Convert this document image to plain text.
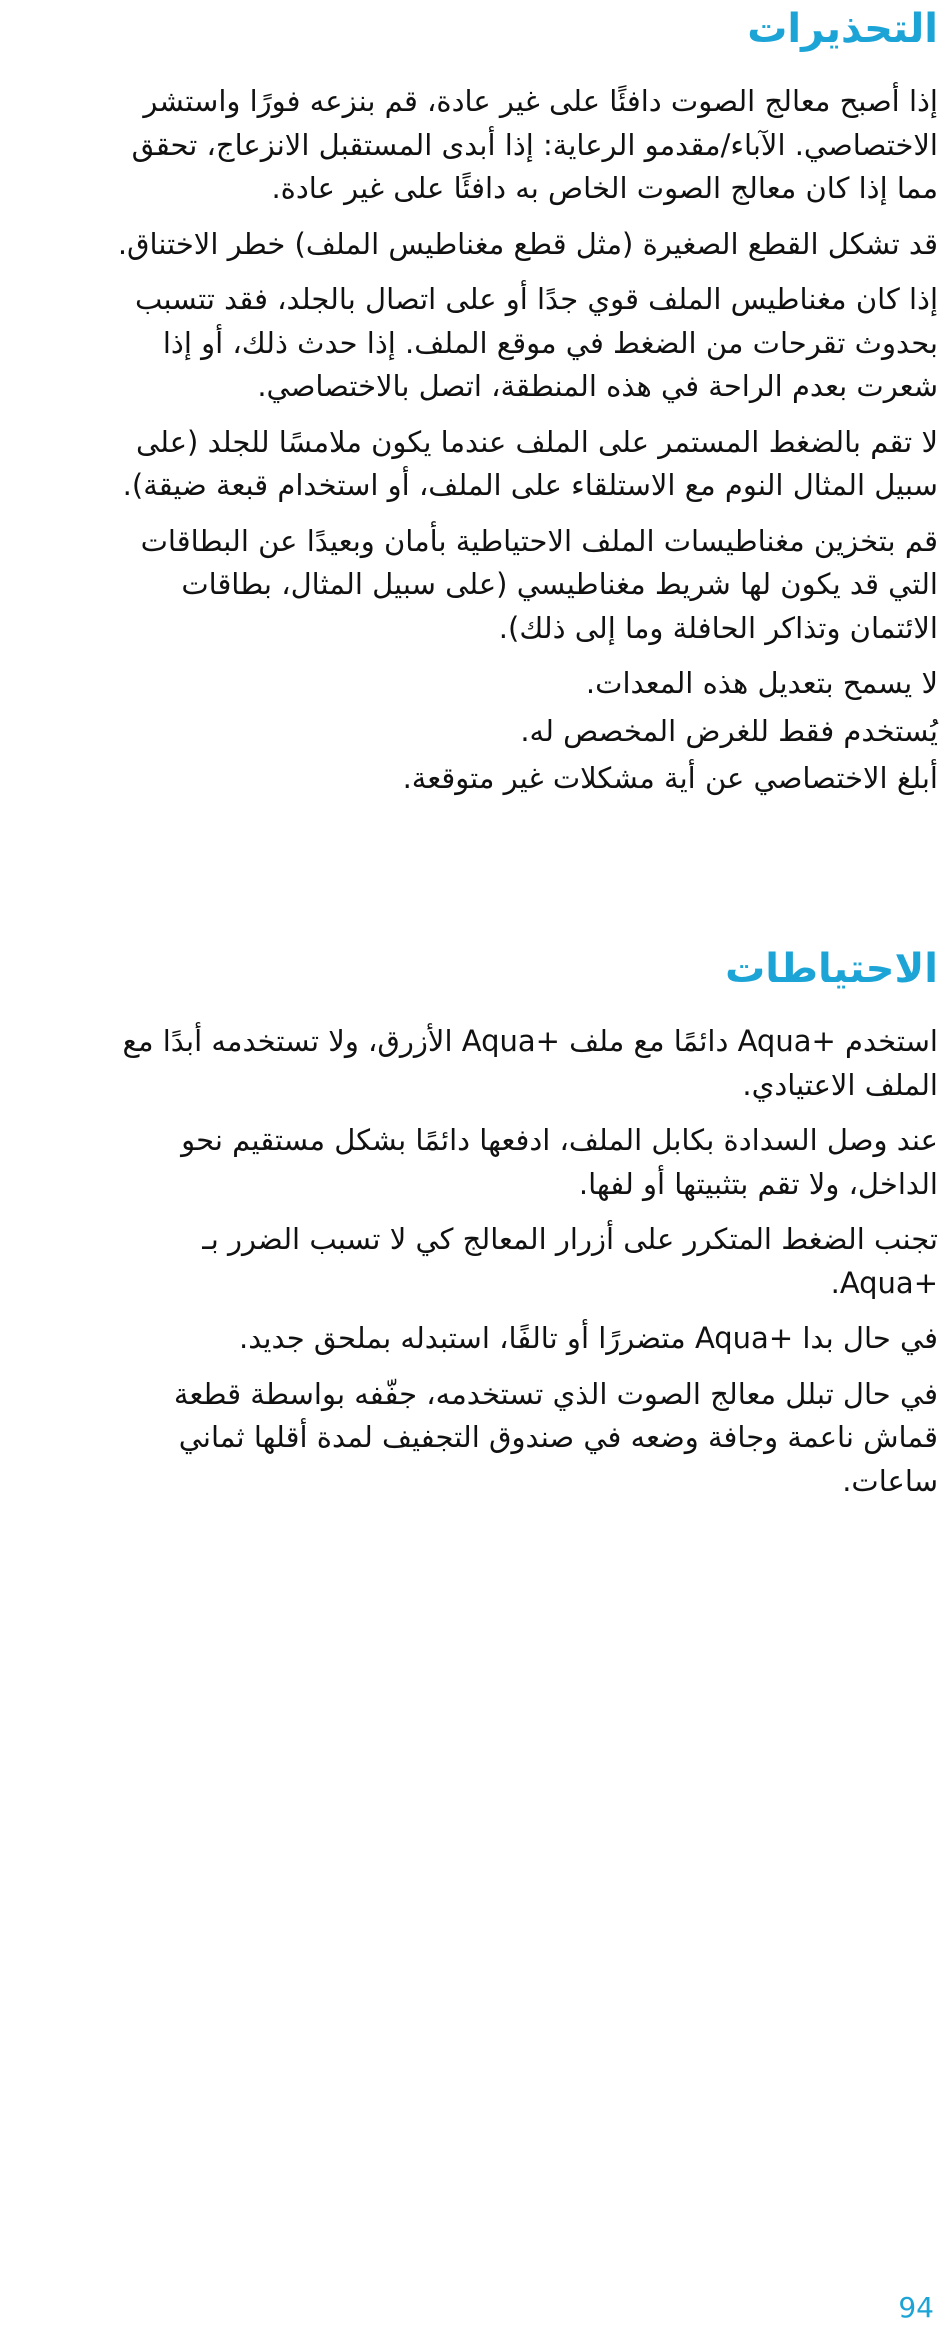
التحذيرات

إذا أصبح معالج الصوت دافئًا على غير عادة، قم بنزعه فورًا واستشر الاختصاصي. الآباء/مقدمو الرعاية: إذا أبدى المستقبل الانزعاج، تحقق مما إذا كان معالج الصوت الخاص به دافئًا على غير عادة.

قد تشكل القطع الصغيرة (مثل قطع مغناطيس الملف) خطر الاختناق.

إذا كان مغناطيس الملف قوي جدًا أو على اتصال بالجلد، فقد تتسبب بحدوث تقرحات من الضغط في موقع الملف. إذا حدث ذلك، أو إذا شعرت بعدم الراحة في هذه المنطقة، اتصل بالاختصاصي.

لا تقم بالضغط المستمر على الملف عندما يكون ملامسًا للجلد (على سبيل المثال النوم مع الاستلقاء على الملف، أو استخدام قبعة ضيقة).

قم بتخزين مغناطيسات الملف الاحتياطية بأمان وبعيدًا عن البطاقات التي قد يكون لها شريط مغناطيسي (على سبيل المثال، بطاقات الائتمان وتذاكر الحافلة وما إلى ذلك).

لا يسمح بتعديل هذه المعدات.

يُستخدم فقط للغرض المخصص له.

أبلغ الاختصاصي عن أية مشكلات غير متوقعة.

الاحتياطات

استخدم ‎Aqua+‎ دائمًا مع ملف ‎Aqua+‎ الأزرق، ولا تستخدمه أبدًا مع الملف الاعتيادي.

عند وصل السدادة بكابل الملف، ادفعها دائمًا بشكل مستقيم نحو الداخل، ولا تقم بتثبيتها أو لفها.

تجنب الضغط المتكرر على أزرار المعالج كي لا تسبب الضرر بـ ‎Aqua+‎.

في حال بدا ‎Aqua+‎ متضررًا أو تالفًا، استبدله بملحق جديد.

في حال تبلل معالج الصوت الذي تستخدمه، جفّفه بواسطة قطعة قماش ناعمة وجافة وضعه في صندوق التجفيف لمدة أقلها ثماني ساعات.

94
